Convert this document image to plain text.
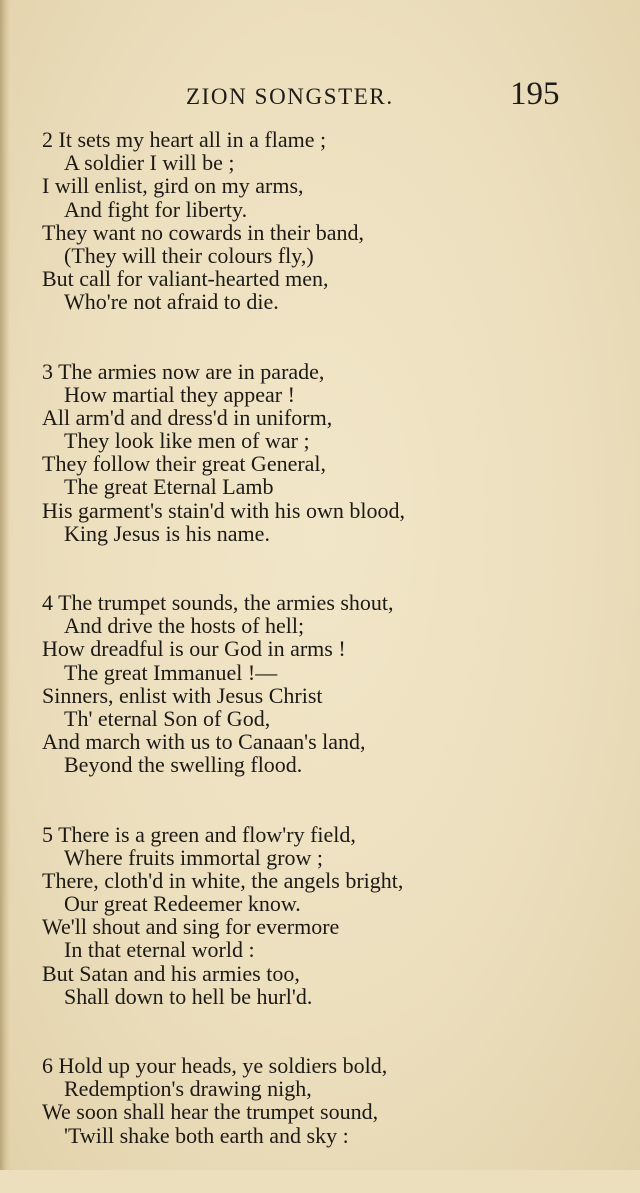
ZION SONGSTER.	195
2 It sets my heart all in a flame ;
A soldier I will be ;
I will enlist, gird on my arms,
And fight for liberty.
They want no cowards in their band,
(They will their colours fly,)
But call for valiant-hearted men,
Who're not afraid to die.
3 The armies now are in parade,
How martial they appear !
All arm'd and dress'd in uniform,
They look like men of war ;
They follow their great General,
The great Eternal Lamb
His garment's stain'd with his own blood,
King Jesus is his name.
4 The trumpet sounds, the armies shout,
And drive the hosts of hell;
How dreadful is our God in arms !
The great Immanuel !—
Sinners, enlist with Jesus Christ
Th' eternal Son of God,
And march with us to Canaan's land,
Beyond the swelling flood.
5 There is a green and flow'ry field,
Where fruits immortal grow ;
There, cloth'd in white, the angels bright,
Our great Redeemer know.
We'll shout and sing for evermore
In that eternal world :
But Satan and his armies too,
Shall down to hell be hurl'd.
6 Hold up your heads, ye soldiers bold,
Redemption's drawing nigh,
We soon shall hear the trumpet sound,
'Twill shake both earth and sky :
